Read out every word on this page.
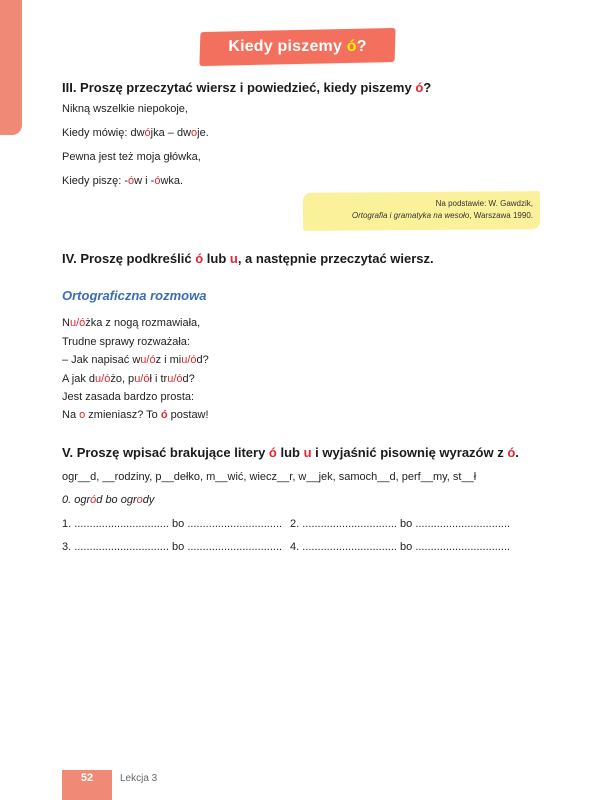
Kiedy piszemy ó?
III. Proszę przeczytać wiersz i powiedzieć, kiedy piszemy ó?
Nikną wszelkie niepokoje,
Kiedy mówię: dwójka – dwoje.
Pewna jest też moja główka,
Kiedy piszę: -ów i -ówka.
Na podstawie: W. Gawdzik,
Ortografia i gramatyka na wesoło, Warszawa 1990.
IV. Proszę podkreślić ó lub u, a następnie przeczytać wiersz.
Ortograficzna rozmowa
Nu/óżka z nogą rozmawiała,
Trudne sprawy rozważała:
– Jak napisać wu/óz i miu/ód?
A jak du/óżo, pu/ół i tru/ód?
Jest zasada bardzo prosta:
Na o zmieniasz? To ó postaw!
V. Proszę wpisać brakujące litery ó lub u i wyjaśnić pisownię wyrazów z ó.
ogr__d, __rodziny, p__dełko, m__wić, wiecz__r, w__jek, samoch__d, perf__my, st__ł
0. ogród bo ogrody
1. ............................... bo ............................... 2. ............................... bo ...............................
3. ............................... bo ............................... 4. ............................... bo ...............................
52	Lekcja 3
